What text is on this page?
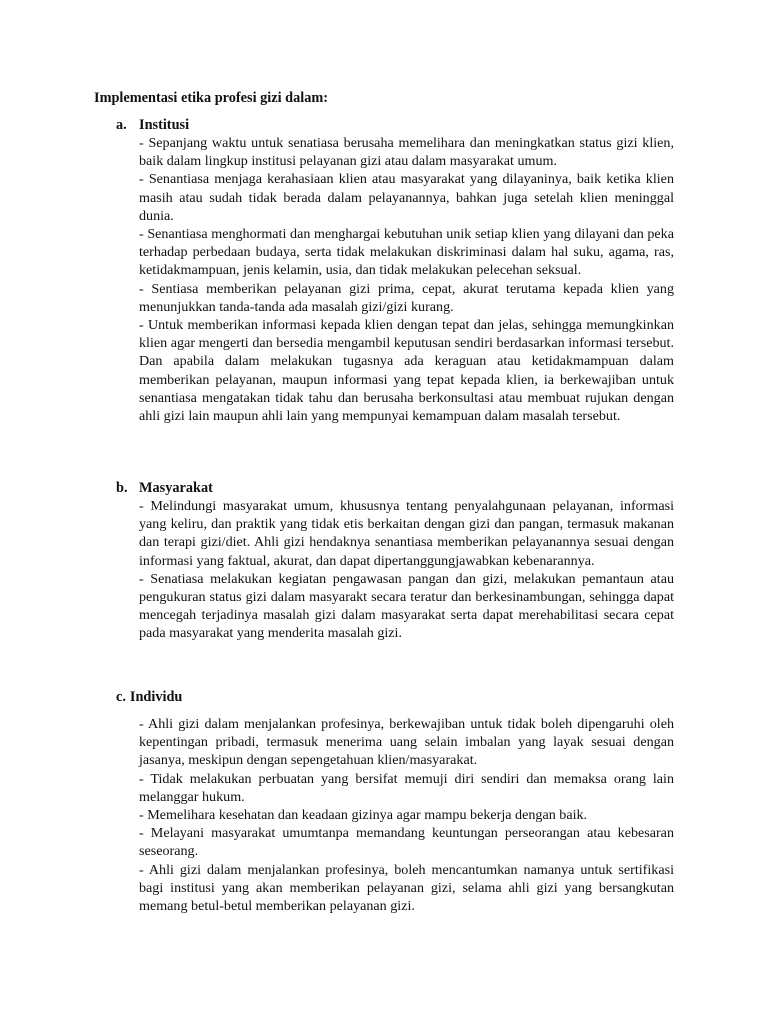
Implementasi etika profesi gizi dalam:
a. Institusi

- Sepanjang waktu untuk senatiasa berusaha memelihara dan meningkatkan status gizi klien, baik dalam lingkup institusi pelayanan gizi atau dalam masyarakat umum.

- Senantiasa menjaga kerahasiaan klien atau masyarakat yang dilayaninya, baik ketika klien masih atau sudah tidak berada dalam pelayanannya, bahkan juga setelah klien meninggal dunia.

- Senantiasa menghormati dan menghargai kebutuhan unik setiap klien yang dilayani dan peka terhadap perbedaan budaya, serta tidak melakukan diskriminasi dalam hal suku, agama, ras, ketidakmampuan, jenis kelamin, usia, dan tidak melakukan pelecehan seksual.

- Sentiasa memberikan pelayanan gizi prima, cepat, akurat terutama kepada klien yang menunjukkan tanda-tanda ada masalah gizi/gizi kurang.

- Untuk memberikan informasi kepada klien dengan tepat dan jelas, sehingga memungkinkan klien agar mengerti dan bersedia mengambil keputusan sendiri berdasarkan informasi tersebut. Dan apabila dalam melakukan tugasnya ada keraguan atau ketidakmampuan dalam memberikan pelayanan, maupun informasi yang tepat kepada klien, ia berkewajiban untuk senantiasa mengatakan tidak tahu dan berusaha berkonsultasi atau membuat rujukan dengan ahli gizi lain maupun ahli lain yang mempunyai kemampuan dalam masalah tersebut.

b. Masyarakat

- Melindungi masyarakat umum, khususnya tentang penyalahgunaan pelayanan, informasi yang keliru, dan praktik yang tidak etis berkaitan dengan gizi dan pangan, termasuk makanan dan terapi gizi/diet. Ahli gizi hendaknya senantiasa memberikan pelayanannya sesuai dengan informasi yang faktual, akurat, dan dapat dipertanggungjawabkan kebenarannya.

- Senatiasa melakukan kegiatan pengawasan pangan dan gizi, melakukan pemantaun atau pengukuran status gizi dalam masyarakt secara teratur dan berkesinambungan, sehingga dapat mencegah terjadinya masalah gizi dalam masyarakat serta dapat merehabilitasi secara cepat pada masyarakat yang menderita masalah gizi.

c. Individu

- Ahli gizi dalam menjalankan profesinya, berkewajiban untuk tidak boleh dipengaruhi oleh kepentingan pribadi, termasuk menerima uang selain imbalan yang layak sesuai dengan jasanya, meskipun dengan sepengetahuan klien/masyarakat.

- Tidak melakukan perbuatan yang bersifat memuji diri sendiri dan memaksa orang lain melanggar hukum.

- Memelihara kesehatan dan keadaan gizinya agar mampu bekerja dengan baik.

- Melayani masyarakat umumtanpa memandang keuntungan perseorangan atau kebesaran seseorang.

- Ahli gizi dalam menjalankan profesinya, boleh mencantumkan namanya untuk sertifikasi bagi institusi yang akan memberikan pelayanan gizi, selama ahli gizi yang bersangkutan memang betul-betul memberikan pelayanan gizi.
